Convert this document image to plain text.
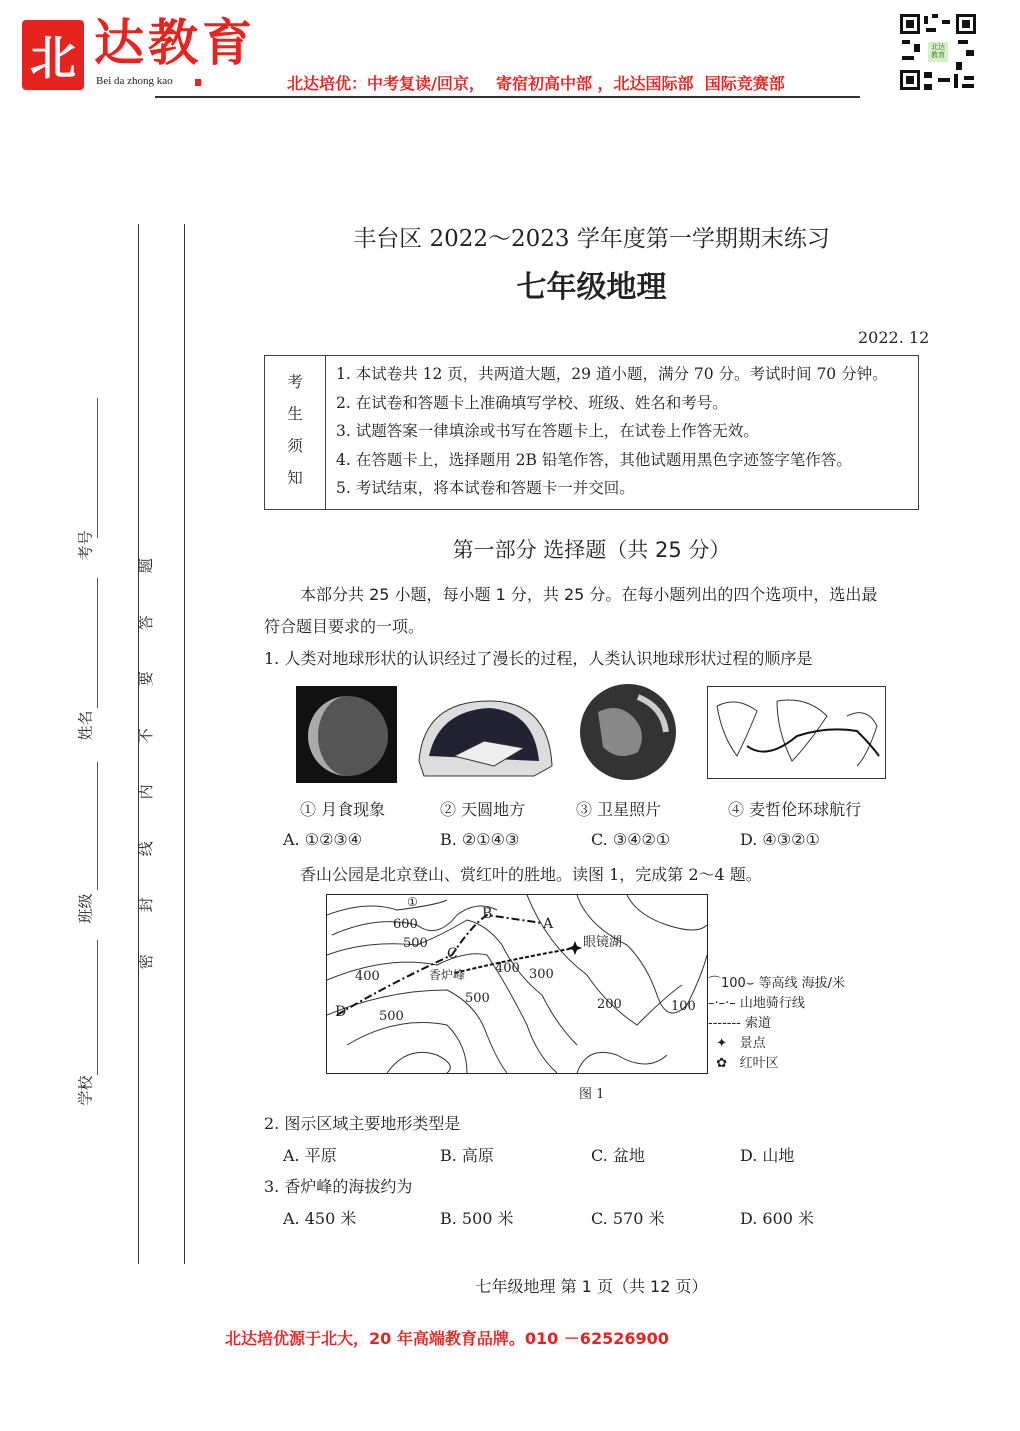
北 达教育
Bei da zhong kao	北达培优：中考复读/回京，  寄宿初高中部 ，北达国际部  国际竞赛部
北达教育
考号
姓名
班级
学校
题
答
要
不
内
线
封
密
丰台区 2022～2023 学年度第一学期期末练习
七年级地理
2022. 12
考
生
须
知

1. 本试卷共 12 页，共两道大题，29 道小题，满分 70 分。考试时间 70 分钟。
2. 在试卷和答题卡上准确填写学校、班级、姓名和考号。
3. 试题答案一律填涂或书写在答题卡上，在试卷上作答无效。
4. 在答题卡上，选择题用 2B 铅笔作答，其他试题用黑色字迹签字笔作答。
5. 考试结束，将本试卷和答题卡一并交回。
第一部分 选择题（共 25 分）
本部分共 25 小题，每小题 1 分，共 25 分。在每小题列出的四个选项中，选出最
符合题目要求的一项。
1. 人类对地球形状的认识经过了漫长的过程，人类认识地球形状过程的顺序是
① 月食现象	② 天圆地方	③ 卫星照片	④ 麦哲伦环球航行
A. ①②③④	B. ②①④③	C. ③④②①	D. ④③②①
香山公园是北京登山、赏红叶的胜地。读图 1，完成第 2～4 题。
D
C
B
A
眼镜湖
香炉峰
①
600
500
400
500
500
400 300
200	100
⌒100⌣ 等高线 海拔/米
–·–·– 山地骑行线
------- 索道
✦ 景点
✿ 红叶区
图 1
2. 图示区域主要地形类型是
A. 平原	B. 高原	C. 盆地	D. 山地
3. 香炉峰的海拔约为
A. 450 米	B. 500 米	C. 570 米	D. 600 米
七年级地理 第 1 页（共 12 页）
北达培优源于北大，20 年高端教育品牌。010 －62526900
